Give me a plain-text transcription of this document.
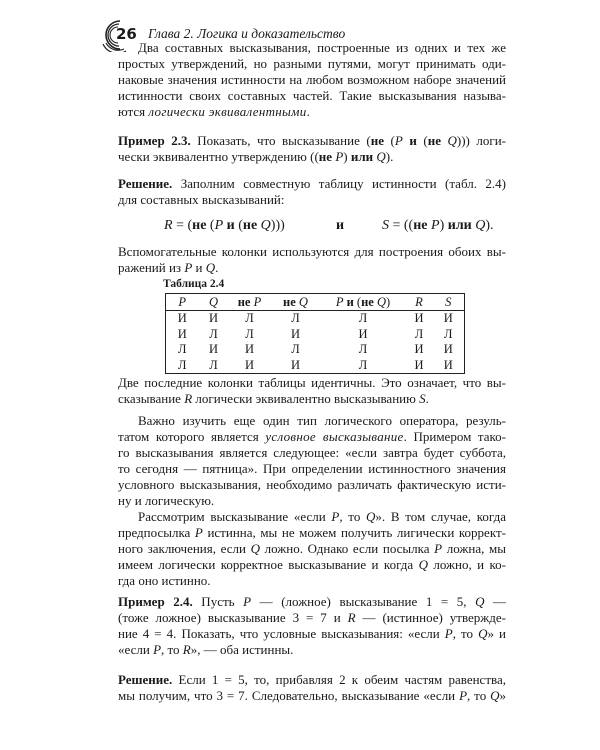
26 Глава 2. Логика и доказательство
Два составных высказывания, построенные из одних и тех же
простых утверждений, но разными путями, могут принимать оди-
наковые значения истинности на любом возможном наборе значений
истинности своих составных частей. Такие высказывания называ-
ются логически эквивалентными.
Пример 2.3. Показать, что высказывание (не (P и (не Q))) логи-
чески эквивалентно утверждению ((не P) или Q).
Решение. Заполним совместную таблицу истинности (табл. 2.4)
для составных высказываний:
R = (не (P и (не Q)))	и	S = ((не P) или Q).
Вспомогательные колонки используются для построения обоих вы-
ражений из P и Q.
Таблица 2.4
P	Q	не P	не Q	P и (не Q)	R	S
И	И	Л	Л	Л	И	И
И	Л	Л	И	И	Л	Л
Л	И	И	Л	Л	И	И
Л	Л	И	И	Л	И	И
Две последние колонки таблицы идентичны. Это означает, что вы-
сказывание R логически эквивалентно высказыванию S.
Важно изучить еще один тип логического оператора, резуль-
татом которого является условное высказывание. Примером тако-
го высказывания является следующее: «если завтра будет суббота,
то сегодня — пятница». При определении истинностного значения
условного высказывания, необходимо различать фактическую исти-
ну и логическую.
Рассмотрим высказывание «если P, то Q». В том случае, когда
предпосылка P истинна, мы не можем получить лигически коррект-
ного заключения, если Q ложно. Однако если посылка P ложна, мы
имеем логически корректное высказывание и когда Q ложно, и ко-
гда оно истинно.
Пример 2.4. Пусть P — (ложное) высказывание 1 = 5, Q —
(тоже ложное) высказывание 3 = 7 и R — (истинное) утвержде-
ние 4 = 4. Показать, что условные высказывания: «если P, то Q» и
«если P, то R», — оба истинны.
Решение. Если 1 = 5, то, прибавляя 2 к обеим частям равенства,
мы получим, что 3 = 7. Следовательно, высказывание «если P, то Q»
